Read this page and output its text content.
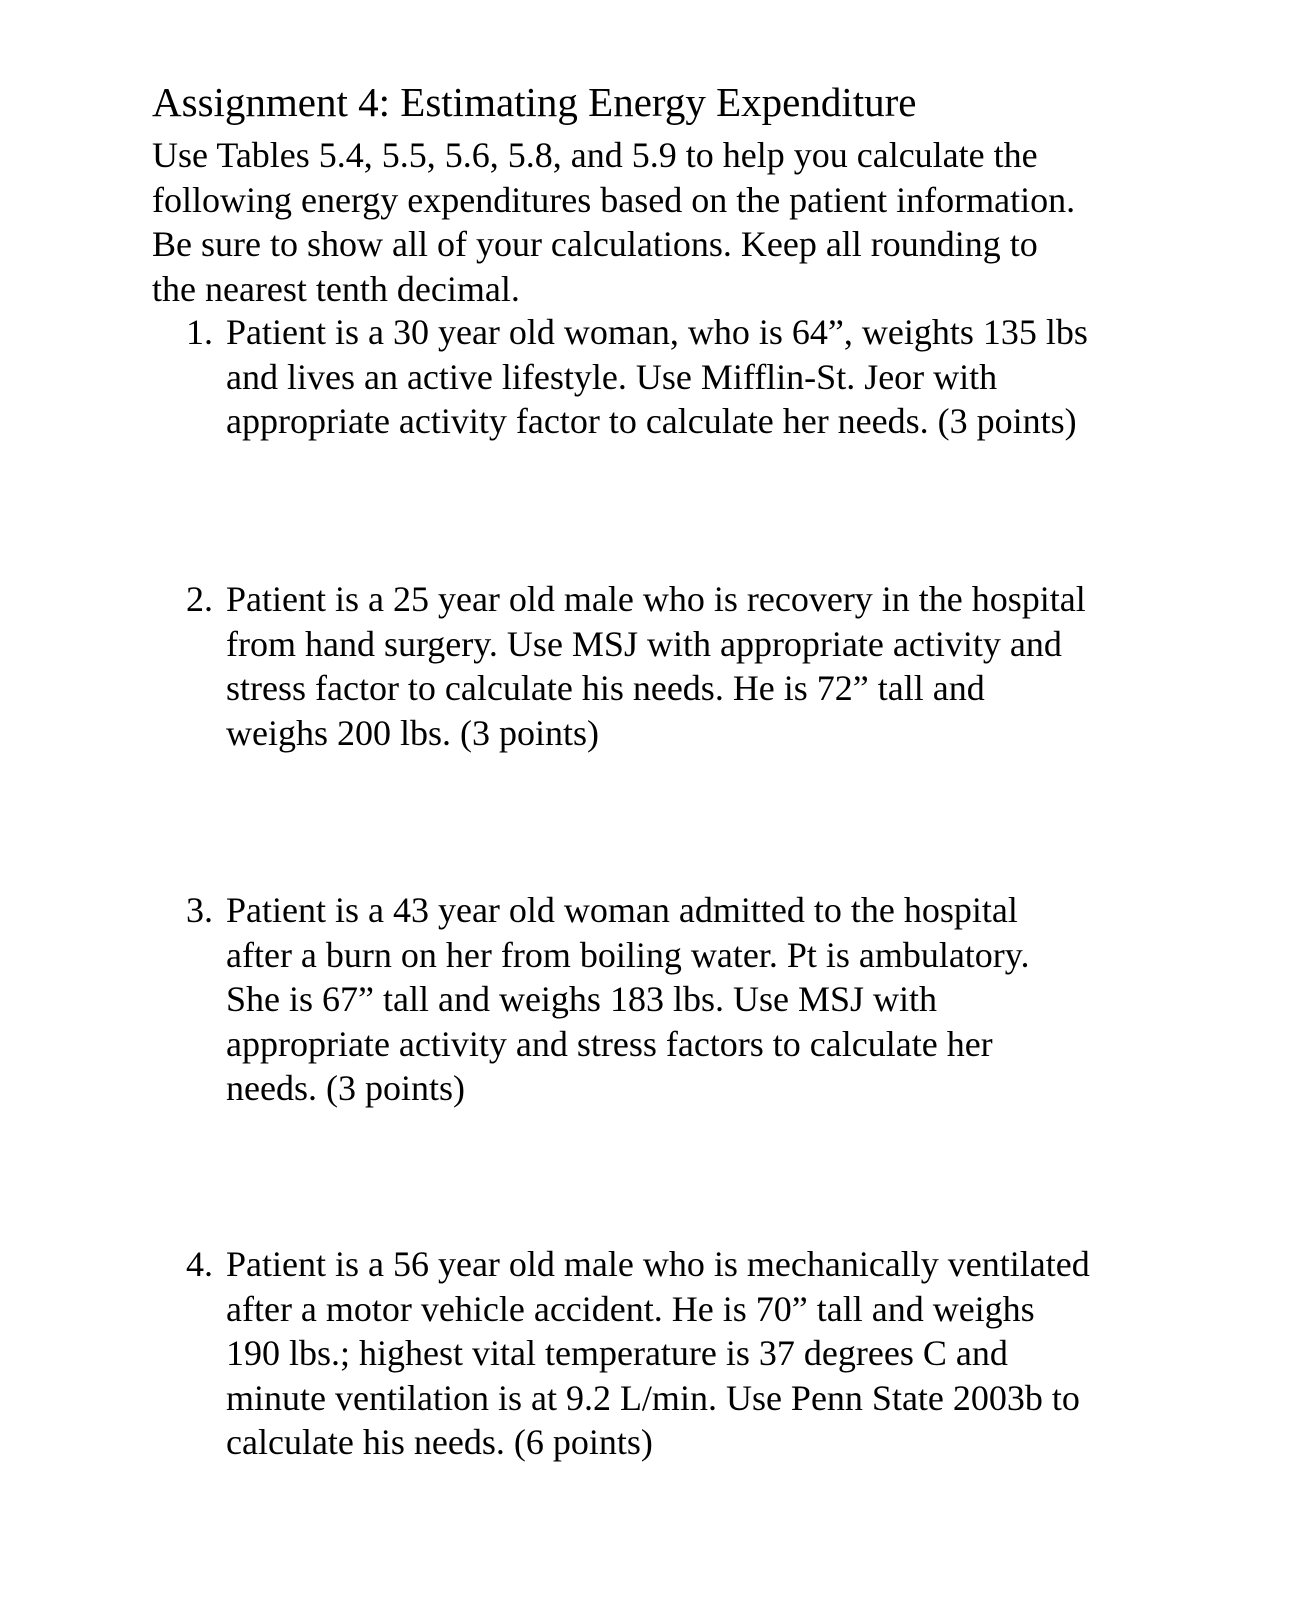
Assignment 4: Estimating Energy Expenditure
Use Tables 5.4, 5.5, 5.6, 5.8, and 5.9 to help you calculate the
following energy expenditures based on the patient information.
Be sure to show all of your calculations. Keep all rounding to
the nearest tenth decimal.
1. Patient is a 30 year old woman, who is 64”, weights 135 lbs
and lives an active lifestyle. Use Mifflin-St. Jeor with
appropriate activity factor to calculate her needs. (3 points)
2. Patient is a 25 year old male who is recovery in the hospital
from hand surgery. Use MSJ with appropriate activity and
stress factor to calculate his needs. He is 72” tall and
weighs 200 lbs. (3 points)
3. Patient is a 43 year old woman admitted to the hospital
after a burn on her from boiling water. Pt is ambulatory.
She is 67” tall and weighs 183 lbs. Use MSJ with
appropriate activity and stress factors to calculate her
needs. (3 points)
4. Patient is a 56 year old male who is mechanically ventilated
after a motor vehicle accident. He is 70” tall and weighs
190 lbs.; highest vital temperature is 37 degrees C and
minute ventilation is at 9.2 L/min. Use Penn State 2003b to
calculate his needs. (6 points)
